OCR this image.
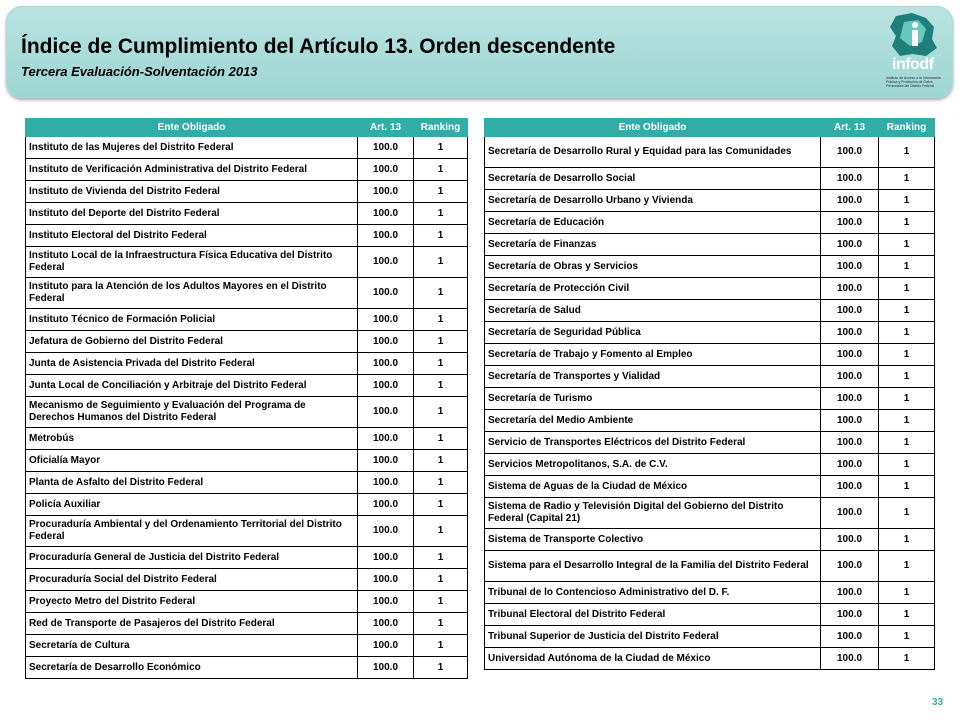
Índice de Cumplimiento del Artículo 13. Orden descendente
Tercera Evaluación-Solventación 2013	infodf
Instituto de Acceso a la Información Pública y Protección de Datos Personales del Distrito Federal
Ente Obligado	Art. 13	Ranking
Instituto de las Mujeres del Distrito Federal	100.0	1
Instituto de Verificación Administrativa del Distrito Federal	100.0	1
Instituto de Vivienda del Distrito Federal	100.0	1
Instituto del Deporte del Distrito Federal	100.0	1
Instituto Electoral del Distrito Federal	100.0	1
Instituto Local de la Infraestructura Física Educativa del Distrito Federal	100.0	1
Instituto para la Atención de los Adultos Mayores en el Distrito Federal	100.0	1
Instituto Técnico de Formación Policial	100.0	1
Jefatura de Gobierno del Distrito Federal	100.0	1
Junta de Asistencia Privada del Distrito Federal	100.0	1
Junta Local de Conciliación y Arbitraje del Distrito Federal	100.0	1
Mecanismo de Seguimiento y Evaluación del Programa de Derechos Humanos del Distrito Federal	100.0	1
Metrobús	100.0	1
Oficialía Mayor	100.0	1
Planta de Asfalto del Distrito Federal	100.0	1
Policía Auxiliar	100.0	1
Procuraduría Ambiental y del Ordenamiento Territorial del Distrito Federal	100.0	1
Procuraduría General de Justicia del Distrito Federal	100.0	1
Procuraduría Social del Distrito Federal	100.0	1
Proyecto Metro del Distrito Federal	100.0	1
Red de Transporte de Pasajeros del Distrito Federal	100.0	1
Secretaría de Cultura	100.0	1
Secretaría de Desarrollo Económico	100.0	1
Ente Obligado	Art. 13	Ranking
Secretaría de Desarrollo Rural y Equidad para las Comunidades	100.0	1
Secretaría de Desarrollo Social	100.0	1
Secretaría de Desarrollo Urbano y Vivienda	100.0	1
Secretaría de Educación	100.0	1
Secretaría de Finanzas	100.0	1
Secretaría de Obras y Servicios	100.0	1
Secretaría de Protección Civil	100.0	1
Secretaría de Salud	100.0	1
Secretaría de Seguridad Pública	100.0	1
Secretaría de Trabajo y Fomento al Empleo	100.0	1
Secretaría de Transportes y Vialidad	100.0	1
Secretaría de Turismo	100.0	1
Secretaría del Medio Ambiente	100.0	1
Servicio de Transportes Eléctricos del Distrito Federal	100.0	1
Servicios Metropolitanos, S.A. de C.V.	100.0	1
Sistema de Aguas de la Ciudad de México	100.0	1
Sistema de Radio y Televisión Digital del Gobierno del Distrito Federal (Capital 21)	100.0	1
Sistema de Transporte Colectivo	100.0	1
Sistema para el Desarrollo Integral de la Familia del Distrito Federal	100.0	1
Tribunal de lo Contencioso Administrativo del D. F.	100.0	1
Tribunal Electoral del Distrito Federal	100.0	1
Tribunal Superior de Justicia del Distrito Federal	100.0	1
Universidad Autónoma de la Ciudad de México	100.0	1
33
